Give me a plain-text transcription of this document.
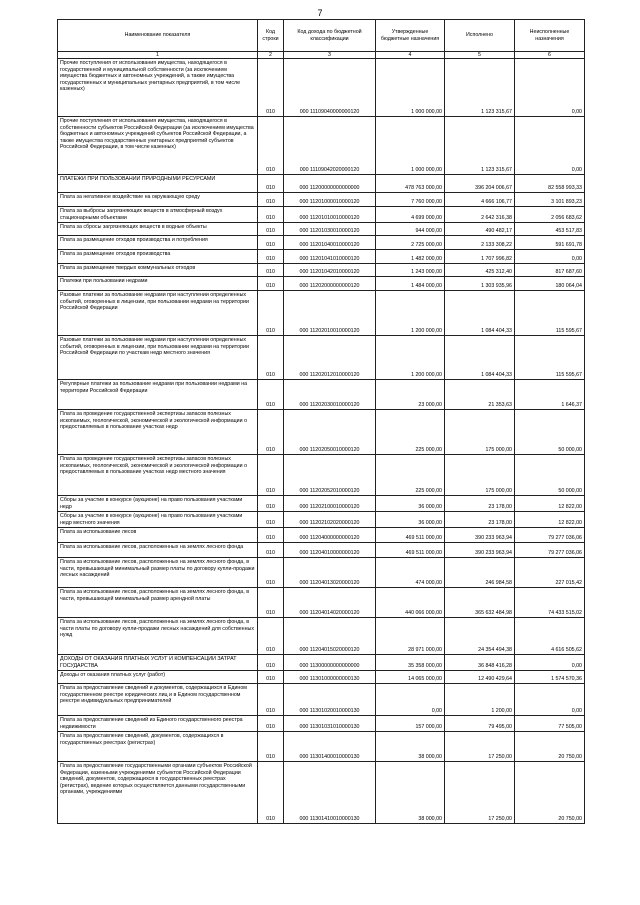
7
Наименование показателя	Код строки	Код дохода по бюджетной классификации	Утвержденные бюджетные назначения	Исполнено	Неисполненные назначения
1	2	3	4	5	6
Прочие поступления от использования имущества, находящегося в государственной и муниципальной собственности (за исключением имущества бюджетных и автономных учреждений, а также имущества государственных и муниципальных унитарных предприятий, в том числе казенных)	010	000 11109040000000120	1 000 000,00	1 123 315,67	0,00
Прочие поступления от использования имущества, находящегося в собственности субъектов Российской Федерации (за исключением имущества бюджетных и автономных учреждений субъектов Российской Федерации, а также имущества государственных унитарных предприятий субъектов Российской Федерации, в том числе казенных)	010	000 11109042020000120	1 000 000,00	1 123 315,67	0,00
ПЛАТЕЖИ ПРИ ПОЛЬЗОВАНИИ ПРИРОДНЫМИ РЕСУРСАМИ	010	000 11200000000000000	478 763 000,00	396 204 006,67	82 558 993,33
Плата за негативное воздействие на окружающую среду	010	000 11201000010000120	7 760 000,00	4 666 106,77	3 101 893,23
Плата за выбросы загрязняющих веществ в атмосферный воздух стационарными объектами	010	000 11201010010000120	4 699 000,00	2 642 316,38	2 056 683,62
Плата за сбросы загрязняющих веществ в водные объекты	010	000 11201030010000120	944 000,00	490 482,17	453 517,83
Плата за размещение отходов производства и потребления	010	000 11201040010000120	2 725 000,00	2 133 308,22	591 691,78
Плата за размещение отходов производства	010	000 11201041010000120	1 482 000,00	1 707 996,82	0,00
Плата за размещение твердых коммунальных отходов	010	000 11201042010000120	1 243 000,00	425 312,40	817 687,60
Платежи при пользовании недрами	010	000 11202000000000120	1 484 000,00	1 303 935,96	180 064,04
Разовые платежи за пользование недрами при наступлении определенных событий, оговоренных в лицензии, при пользовании недрами на территории Российской Федерации	010	000 11202010010000120	1 200 000,00	1 084 404,33	115 595,67
Разовые платежи за пользование недрами при наступлении определенных событий, оговоренных в лицензии, при пользовании недрами на территории Российской Федерации по участкам недр местного значения	010	000 11202012010000120	1 200 000,00	1 084 404,33	115 595,67
Регулярные платежи за пользование недрами при пользовании недрами на территории Российской Федерации	010	000 11202030010000120	23 000,00	21 353,63	1 646,37
Плата за проведение государственной экспертизы запасов полезных ископаемых, геологической, экономической и экологической информации о предоставляемых в пользование участках недр	010	000 11202050010000120	225 000,00	175 000,00	50 000,00
Плата за проведение государственной экспертизы запасов полезных ископаемых, геологической, экономической и экологической информации о предоставляемых в пользование участках недр местного значения	010	000 11202052010000120	225 000,00	175 000,00	50 000,00
Сборы за участие в конкурсе (аукционе) на право пользования участками недр	010	000 11202100010000120	36 000,00	23 178,00	12 822,00
Сборы за участие в конкурсе (аукционе) на право пользования участками недр местного значения	010	000 11202102020000120	36 000,00	23 178,00	12 822,00
Плата за использование лесов	010	000 11204000000000120	469 511 000,00	390 233 963,94	79 277 036,06
Плата за использование лесов, расположенных на землях лесного фонда	010	000 11204010000000120	469 511 000,00	390 233 963,94	79 277 036,06
Плата за использование лесов, расположенных на землях лесного фонда, в части, превышающей минимальный размер платы по договору купли-продажи лесных насаждений	010	000 11204013020000120	474 000,00	246 984,58	227 015,42
Плата за использование лесов, расположенных на землях лесного фонда, в части, превышающей минимальный размер арендной платы	010	000 11204014020000120	440 066 000,00	365 632 484,98	74 433 515,02
Плата за использование лесов, расположенных на землях лесного фонда, в части платы по договору купли-продажи лесных насаждений для собственных нужд	010	000 11204015020000120	28 971 000,00	24 354 494,38	4 616 505,62
ДОХОДЫ ОТ ОКАЗАНИЯ ПЛАТНЫХ УСЛУГ И КОМПЕНСАЦИИ ЗАТРАТ ГОСУДАРСТВА	010	000 11300000000000000	35 358 000,00	36 848 416,28	0,00
Доходы от оказания платных услуг (работ)	010	000 11301000000000130	14 065 000,00	12 490 429,64	1 574 570,36
Плата за предоставление сведений и документов, содержащихся в Едином государственном реестре юридических лиц и в Едином государственном реестре индивидуальных предпринимателей	010	000 11301020010000130	0,00	1 200,00	0,00
Плата за предоставление сведений из Единого государственного реестра недвижимости	010	000 11301031010000130	157 000,00	79 495,00	77 505,00
Плата за предоставление сведений, документов, содержащихся в государственных реестрах (регистрах)	010	000 11301400010000130	38 000,00	17 250,00	20 750,00
Плата за предоставление государственными органами субъектов Российской Федерации, казенными учреждениями субъектов Российской Федерации сведений, документов, содержащихся в государственных реестрах (регистрах), ведение которых осуществляется данными государственными органами, учреждениями	010	000 11301410010000130	38 000,00	17 250,00	20 750,00
